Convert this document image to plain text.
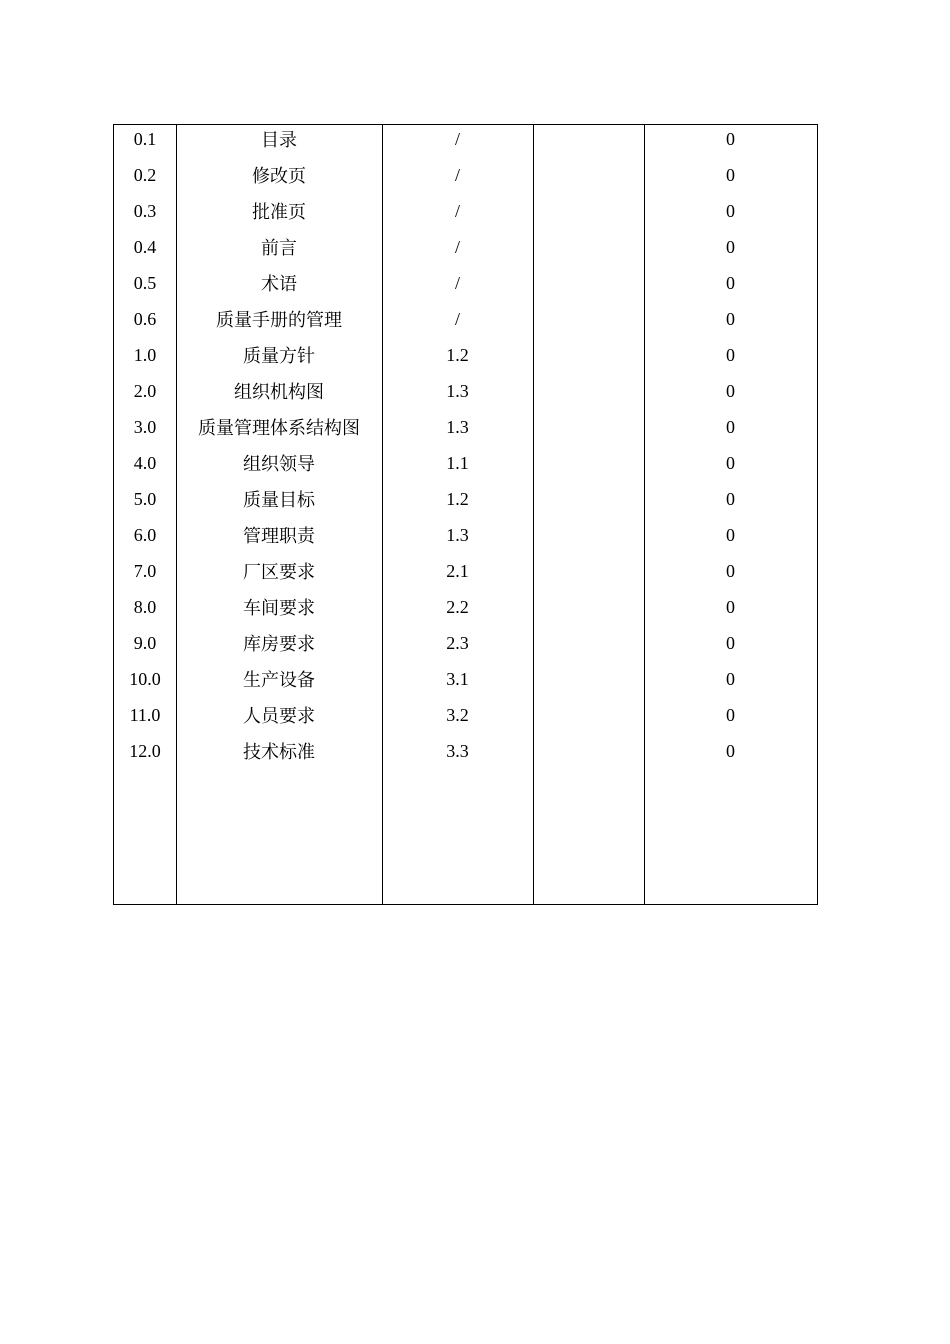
0.1	目录	/	0
0.2	修改页	/	0
0.3	批准页	/	0
0.4	前言	/	0
0.5	术语	/	0
0.6	质量手册的管理	/	0
1.0	质量方针	1.2	0
2.0	组织机构图	1.3	0
3.0	质量管理体系结构图	1.3	0
4.0	组织领导	1.1	0
5.0	质量目标	1.2	0
6.0	管理职责	1.3	0
7.0	厂区要求	2.1	0
8.0	车间要求	2.2	0
9.0	库房要求	2.3	0
10.0	生产设备	3.1	0
11.0	人员要求	3.2	0
12.0	技术标准	3.3	0
